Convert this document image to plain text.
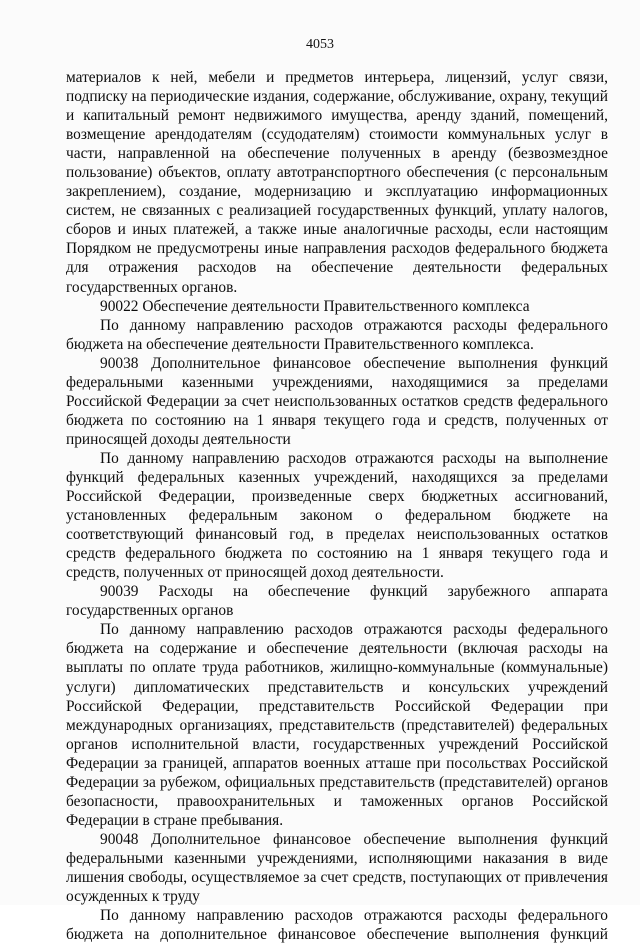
4053

материалов к ней, мебели и предметов интерьера, лицензий, услуг связи, подписку на периодические издания, содержание, обслуживание, охрану, текущий и капитальный ремонт недвижимого имущества, аренду зданий, помещений, возмещение арендодателям (ссудодателям) стоимости коммунальных услуг в части, направленной на обеспечение полученных в аренду (безвозмездное пользование) объектов, оплату автотранспортного обеспечения (с персональным закреплением), создание, модернизацию и эксплуатацию информационных систем, не связанных с реализацией государственных функций, уплату налогов, сборов и иных платежей, а также иные аналогичные расходы, если настоящим Порядком не предусмотрены иные направления расходов федерального бюджета для отражения расходов на обеспечение деятельности федеральных государственных органов.

90022 Обеспечение деятельности Правительственного комплекса

По данному направлению расходов отражаются расходы федерального бюджета на обеспечение деятельности Правительственного комплекса.

90038 Дополнительное финансовое обеспечение выполнения функций федеральными казенными учреждениями, находящимися за пределами Российской Федерации за счет неиспользованных остатков средств федерального бюджета по состоянию на 1 января текущего года и средств, полученных от приносящей доходы деятельности

По данному направлению расходов отражаются расходы на выполнение функций федеральных казенных учреждений, находящихся за пределами Российской Федерации, произведенные сверх бюджетных ассигнований, установленных федеральным законом о федеральном бюджете на соответствующий финансовый год, в пределах неиспользованных остатков средств федерального бюджета по состоянию на 1 января текущего года и средств, полученных от приносящей доход деятельности.

90039 Расходы на обеспечение функций зарубежного аппарата государственных органов

По данному направлению расходов отражаются расходы федерального бюджета на содержание и обеспечение деятельности (включая расходы на выплаты по оплате труда работников, жилищно-коммунальные (коммунальные) услуги) дипломатических представительств и консульских учреждений Российской Федерации, представительств Российской Федерации при международных организациях, представительств (представителей) федеральных органов исполнительной власти, государственных учреждений Российской Федерации за границей, аппаратов военных атташе при посольствах Российской Федерации за рубежом, официальных представительств (представителей) органов безопасности, правоохранительных и таможенных органов Российской Федерации в стране пребывания.

90048 Дополнительное финансовое обеспечение выполнения функций федеральными казенными учреждениями, исполняющими наказания в виде лишения свободы, осуществляемое за счет средств, поступающих от привлечения осужденных к труду

По данному направлению расходов отражаются расходы федерального бюджета на дополнительное финансовое обеспечение выполнения функций
